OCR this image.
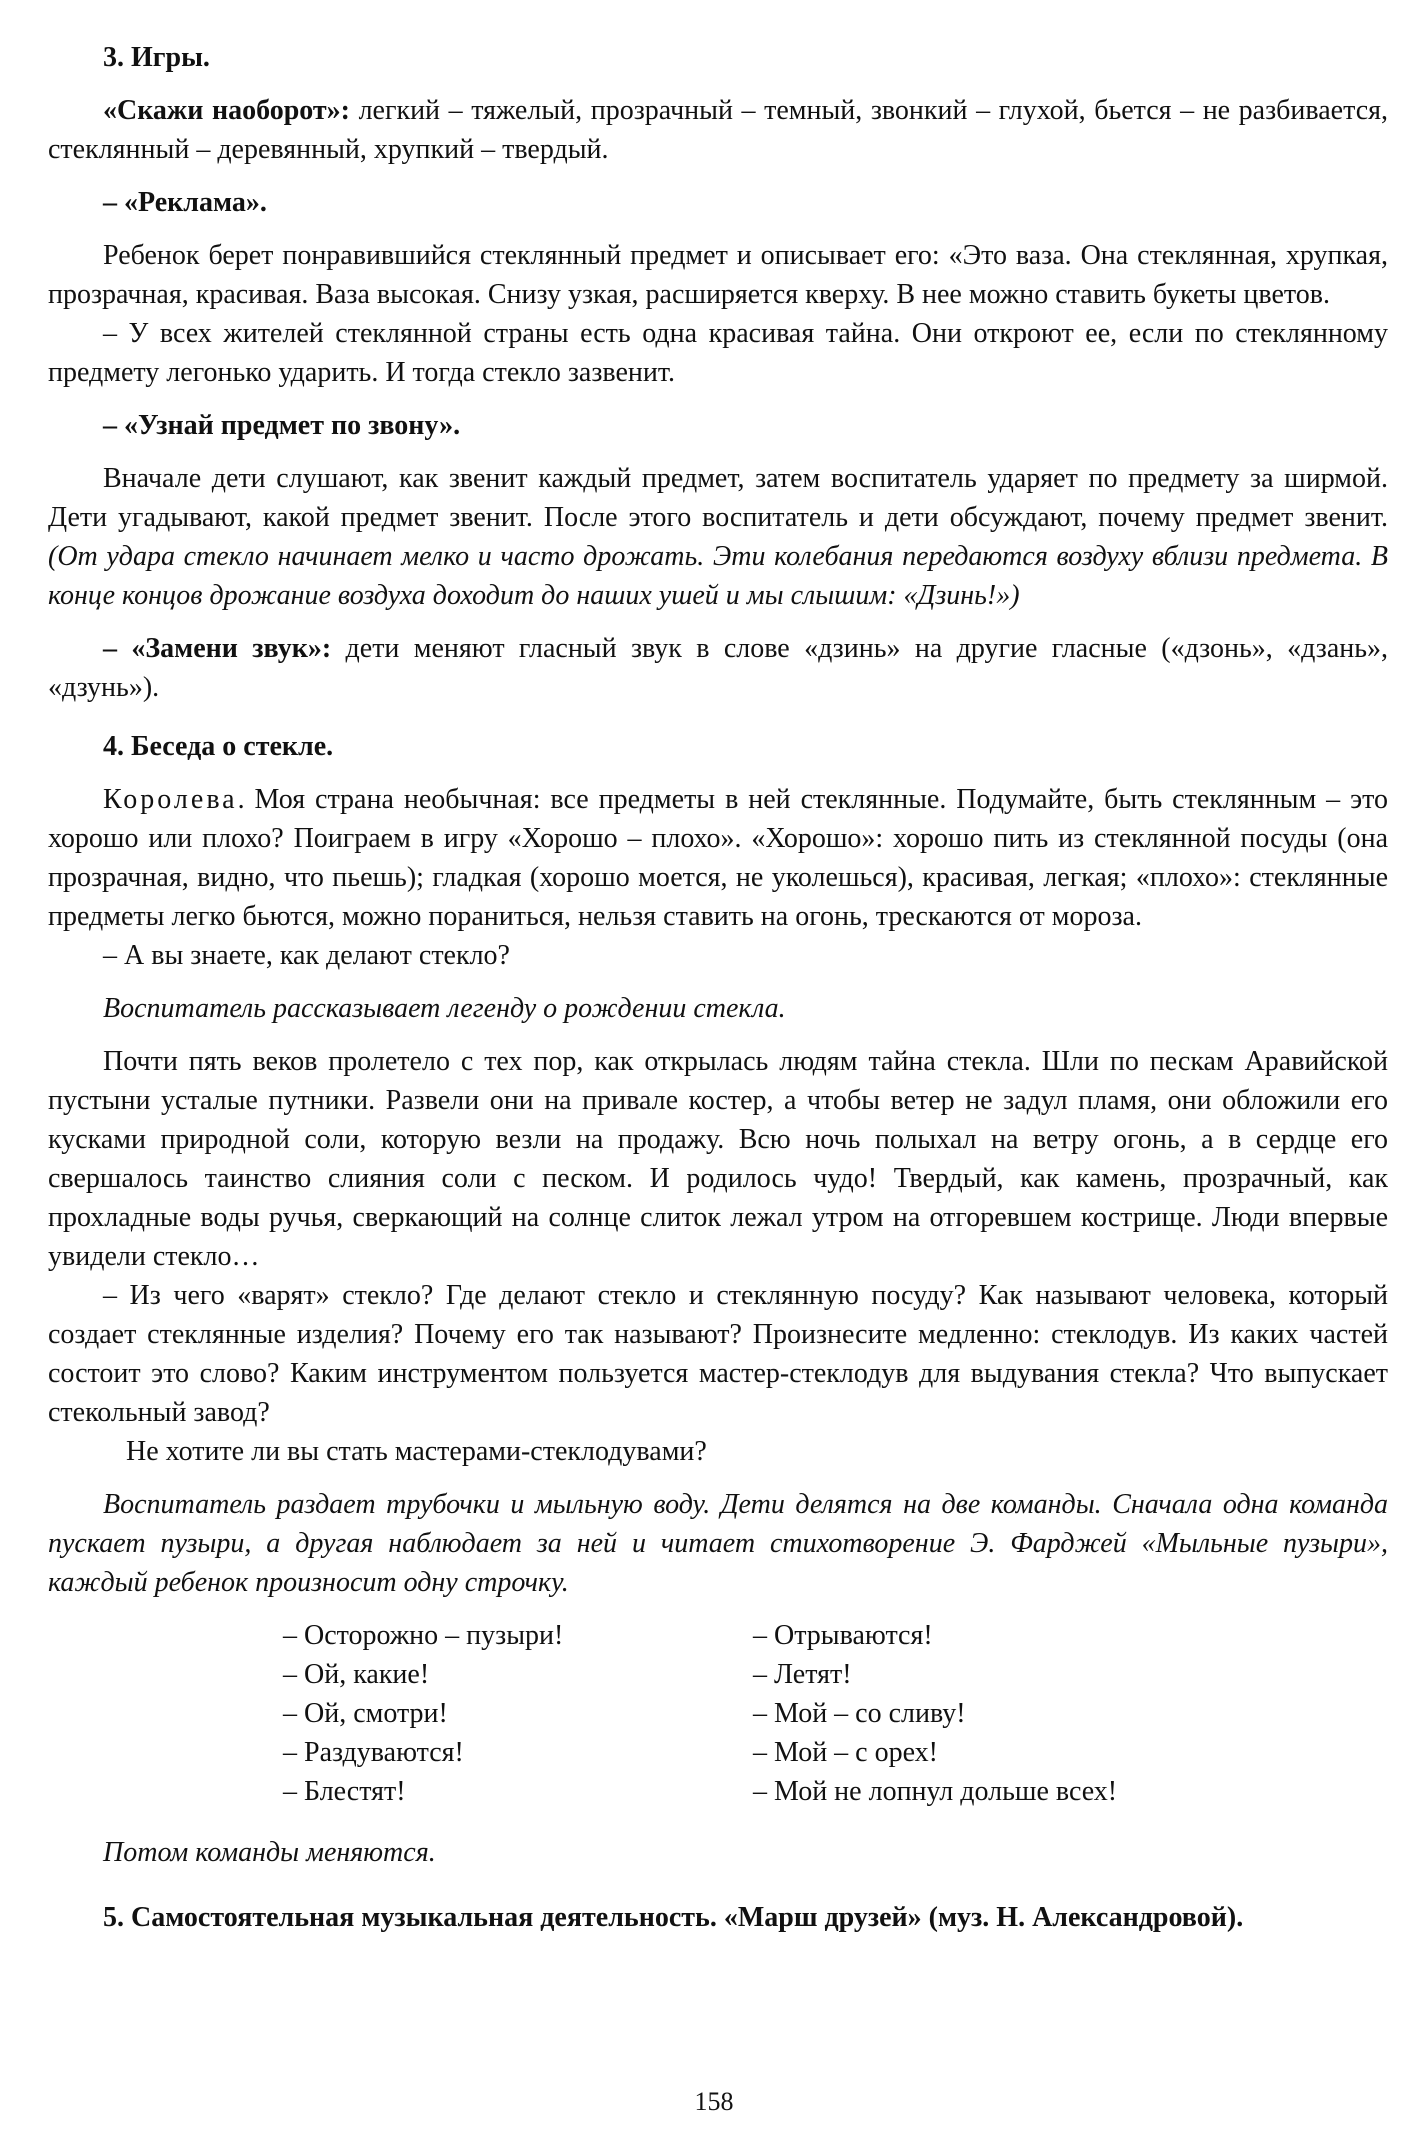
3. Игры.

«Скажи наоборот»: легкий – тяжелый, прозрачный – темный, звонкий – глухой, бьется – не разбивается, стеклянный – деревянный, хрупкий – твердый.

– «Реклама».

Ребенок берет понравившийся стеклянный предмет и описывает его: «Это ваза. Она стеклянная, хрупкая, прозрачная, красивая. Ваза высокая. Снизу узкая, расширяется кверху. В нее можно ставить букеты цветов.

– У всех жителей стеклянной страны есть одна красивая тайна. Они откроют ее, если по стеклянному предмету легонько ударить. И тогда стекло зазвенит.

– «Узнай предмет по звону».

Вначале дети слушают, как звенит каждый предмет, затем воспитатель ударяет по предмету за ширмой. Дети угадывают, какой предмет звенит. После этого воспитатель и дети обсуждают, почему предмет звенит. (От удара стекло начинает мелко и часто дрожать. Эти колебания передаются воздуху вблизи предмета. В конце концов дрожание воздуха доходит до наших ушей и мы слышим: «Дзинь!»)

– «Замени звук»: дети меняют гласный звук в слове «дзинь» на другие гласные («дзонь», «дзань», «дзунь»).

4. Беседа о стекле.

Королева. Моя страна необычная: все предметы в ней стеклянные. Подумайте, быть стеклянным – это хорошо или плохо? Поиграем в игру «Хорошо – плохо». «Хорошо»: хорошо пить из стеклянной посуды (она прозрачная, видно, что пьешь); гладкая (хорошо моется, не уколешься), красивая, легкая; «плохо»: стеклянные предметы легко бьются, можно пораниться, нельзя ставить на огонь, трескаются от мороза.

– А вы знаете, как делают стекло?

Воспитатель рассказывает легенду о рождении стекла.

Почти пять веков пролетело с тех пор, как открылась людям тайна стекла. Шли по пескам Аравийской пустыни усталые путники. Развели они на привале костер, а чтобы ветер не задул пламя, они обложили его кусками природной соли, которую везли на продажу. Всю ночь полыхал на ветру огонь, а в сердце его свершалось таинство слияния соли с песком. И родилось чудо! Твердый, как камень, прозрачный, как прохладные воды ручья, сверкающий на солнце слиток лежал утром на отгоревшем кострище. Люди впервые увидели стекло…

– Из чего «варят» стекло? Где делают стекло и стеклянную посуду? Как называют человека, который создает стеклянные изделия? Почему его так называют? Произнесите медленно: стеклодув. Из каких частей состоит это слово? Каким инструментом пользуется мастер-стеклодув для выдувания стекла? Что выпускает стекольный завод?

Не хотите ли вы стать мастерами-стеклодувами?

Воспитатель раздает трубочки и мыльную воду. Дети делятся на две команды. Сначала одна команда пускает пузыри, а другая наблюдает за ней и читает стихотворение Э. Фарджей «Мыльные пузыри», каждый ребенок произносит одну строчку.

– Осторожно – пузыри!
– Ой, какие!
– Ой, смотри!
– Раздуваются!
– Блестят!
– Отрываются!
– Летят!
– Мой – со сливу!
– Мой – с орех!
– Мой не лопнул дольше всех!

Потом команды меняются.

5. Самостоятельная музыкальная деятельность. «Марш друзей» (муз. Н. Александровой).

158
